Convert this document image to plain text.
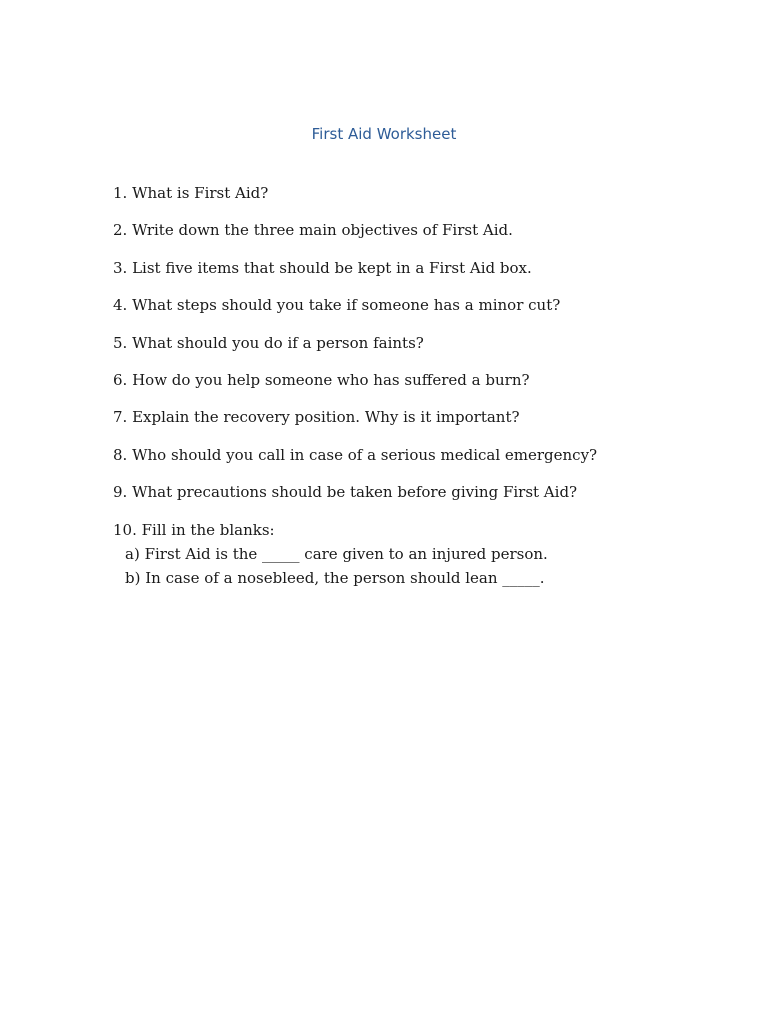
First Aid Worksheet
1. What is First Aid?
2. Write down the three main objectives of First Aid.
3. List five items that should be kept in a First Aid box.
4. What steps should you take if someone has a minor cut?
5. What should you do if a person faints?
6. How do you help someone who has suffered a burn?
7. Explain the recovery position. Why is it important?
8. Who should you call in case of a serious medical emergency?
9. What precautions should be taken before giving First Aid?
10. Fill in the blanks:
a) First Aid is the _____ care given to an injured person.
b) In case of a nosebleed, the person should lean _____.
